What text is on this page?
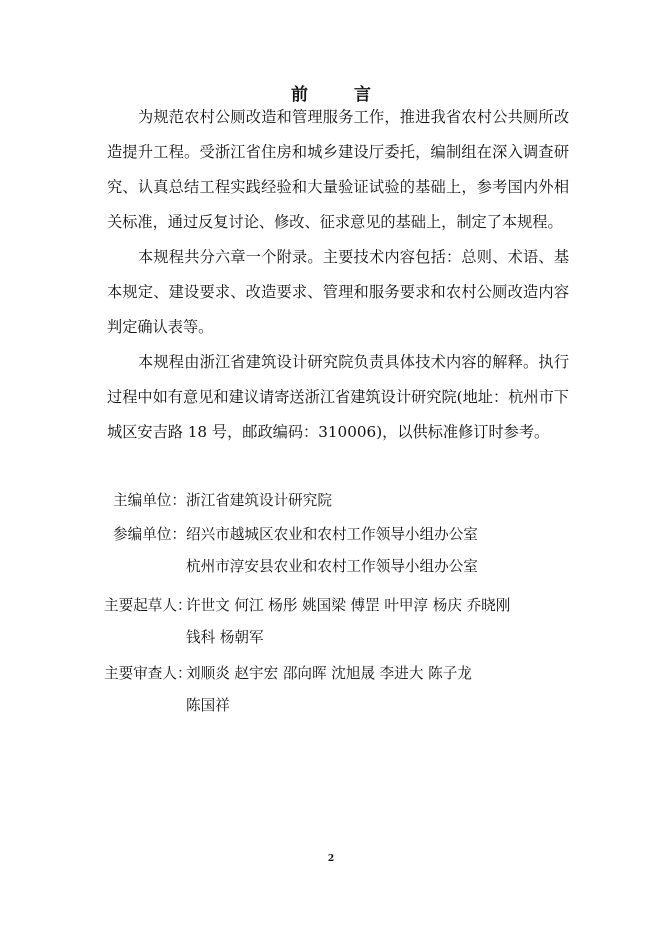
前言

为规范农村公厕改造和管理服务工作，推进我省农村公共厕所改造提升工程。受浙江省住房和城乡建设厅委托，编制组在深入调查研究、认真总结工程实践经验和大量验证试验的基础上，参考国内外相关标准，通过反复讨论、修改、征求意见的基础上，制定了本规程。

本规程共分六章一个附录。主要技术内容包括：总则、术语、基本规定、建设要求、改造要求、管理和服务要求和农村公厕改造内容判定确认表等。

本规程由浙江省建筑设计研究院负责具体技术内容的解释。执行过程中如有意见和建议请寄送浙江省建筑设计研究院(地址：杭州市下城区安吉路 18 号，邮政编码：310006)，以供标准修订时参考。

主编单位： 浙江省建筑设计研究院
参编单位： 绍兴市越城区农业和农村工作领导小组办公室
杭州市淳安县农业和农村工作领导小组办公室
主要起草人：
许世文 何江 杨彤 姚国梁 傅罡 叶甲淳 杨庆 乔晓刚
钱科 杨朝军
主要审查人：
刘顺炎 赵宇宏 邵向晖 沈旭晟 李进大 陈子龙
陈国祥
2
